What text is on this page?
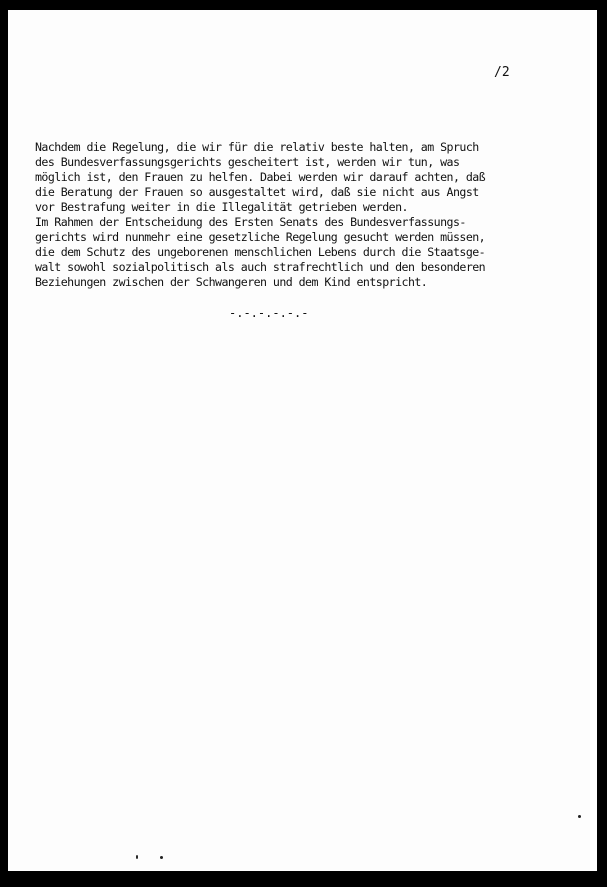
/2
Nachdem die Regelung, die wir für die relativ beste halten, am Spruch
des Bundesverfassungsgerichts gescheitert ist, werden wir tun, was
möglich ist, den Frauen zu helfen. Dabei werden wir darauf achten, daß
die Beratung der Frauen so ausgestaltet wird, daß sie nicht aus Angst
vor Bestrafung weiter in die Illegalität getrieben werden.
Im Rahmen der Entscheidung des Ersten Senats des Bundesverfassungs-
gerichts wird nunmehr eine gesetzliche Regelung gesucht werden müssen,
die dem Schutz des ungeborenen menschlichen Lebens durch die Staatsge-
walt sowohl sozialpolitisch als auch strafrechtlich und den besonderen
Beziehungen zwischen der Schwangeren und dem Kind entspricht.
-.-.-.-.-.-
